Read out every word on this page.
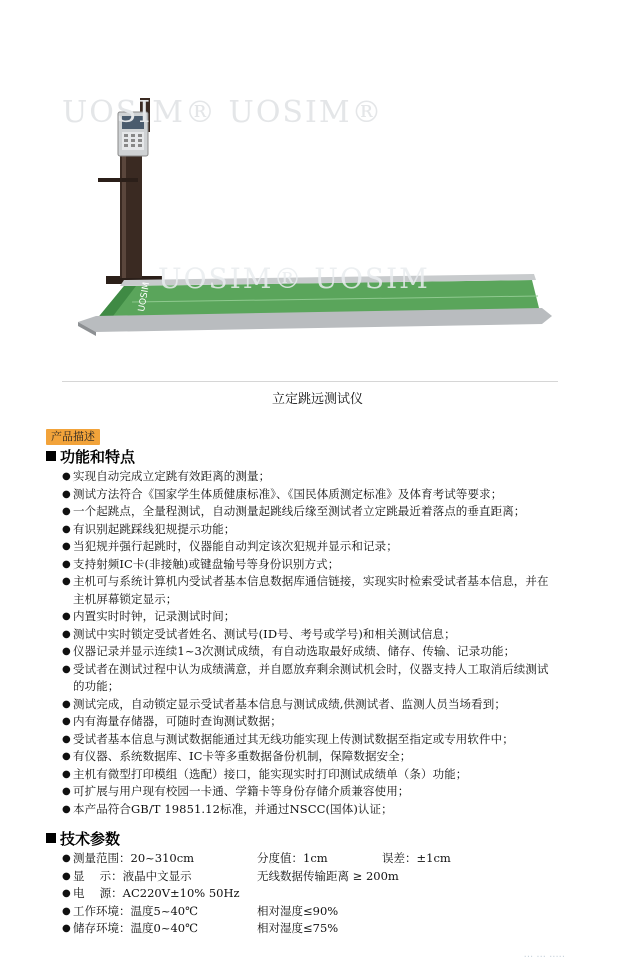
UOSIM® UOSIM®
UOSIM® UOSIM
UOSIM
立定跳远测试仪
产品描述
功能和特点
● 实现自动完成立定跳有效距离的测量；
● 测试方法符合《国家学生体质健康标准》、《国民体质测定标准》及体育考试等要求；
● 一个起跳点，全量程测试，自动测量起跳线后缘至测试者立定跳最近着落点的垂直距离；
● 有识别起跳踩线犯规提示功能；
● 当犯规并强行起跳时，仪器能自动判定该次犯规并显示和记录；
● 支持射频IC卡(非接触)或键盘输号等身份识别方式；
● 主机可与系统计算机内受试者基本信息数据库通信链接，实现实时检索受试者基本信息，并在
主机屏幕锁定显示；
● 内置实时时钟，记录测试时间；
● 测试中实时锁定受试者姓名、测试号(ID号、考号或学号)和相关测试信息；
● 仪器记录并显示连续1~3次测试成绩，有自动选取最好成绩、储存、传输、记录功能；
● 受试者在测试过程中认为成绩满意，并自愿放弃剩余测试机会时，仪器支持人工取消后续测试
的功能；
● 测试完成，自动锁定显示受试者基本信息与测试成绩,供测试者、监测人员当场看到；
● 内有海量存储器，可随时查询测试数据；
● 受试者基本信息与测试数据能通过其无线功能实现上传测试数据至指定或专用软件中；
● 有仪器、系统数据库、IC卡等多重数据备份机制，保障数据安全；
● 主机有微型打印模组（选配）接口，能实现实时打印测试成绩单（条）功能；
● 可扩展与用户现有校园一卡通、学籍卡等身份存储介质兼容使用；
● 本产品符合GB/T 19851.12标准，并通过NSCC(国体)认证；
技术参数
● 测量范围：20~310cm	分度值：1cm	误差：±1cm
● 显　 示：液晶中文显示	无线数据传输距离 ≥ 200m
● 电　 源：AC220V±10% 50Hz
● 工作环境：温度5~40℃	相对湿度≤90%
● 储存环境：温度0~40℃	相对湿度≤75%
··· ··· ·····
